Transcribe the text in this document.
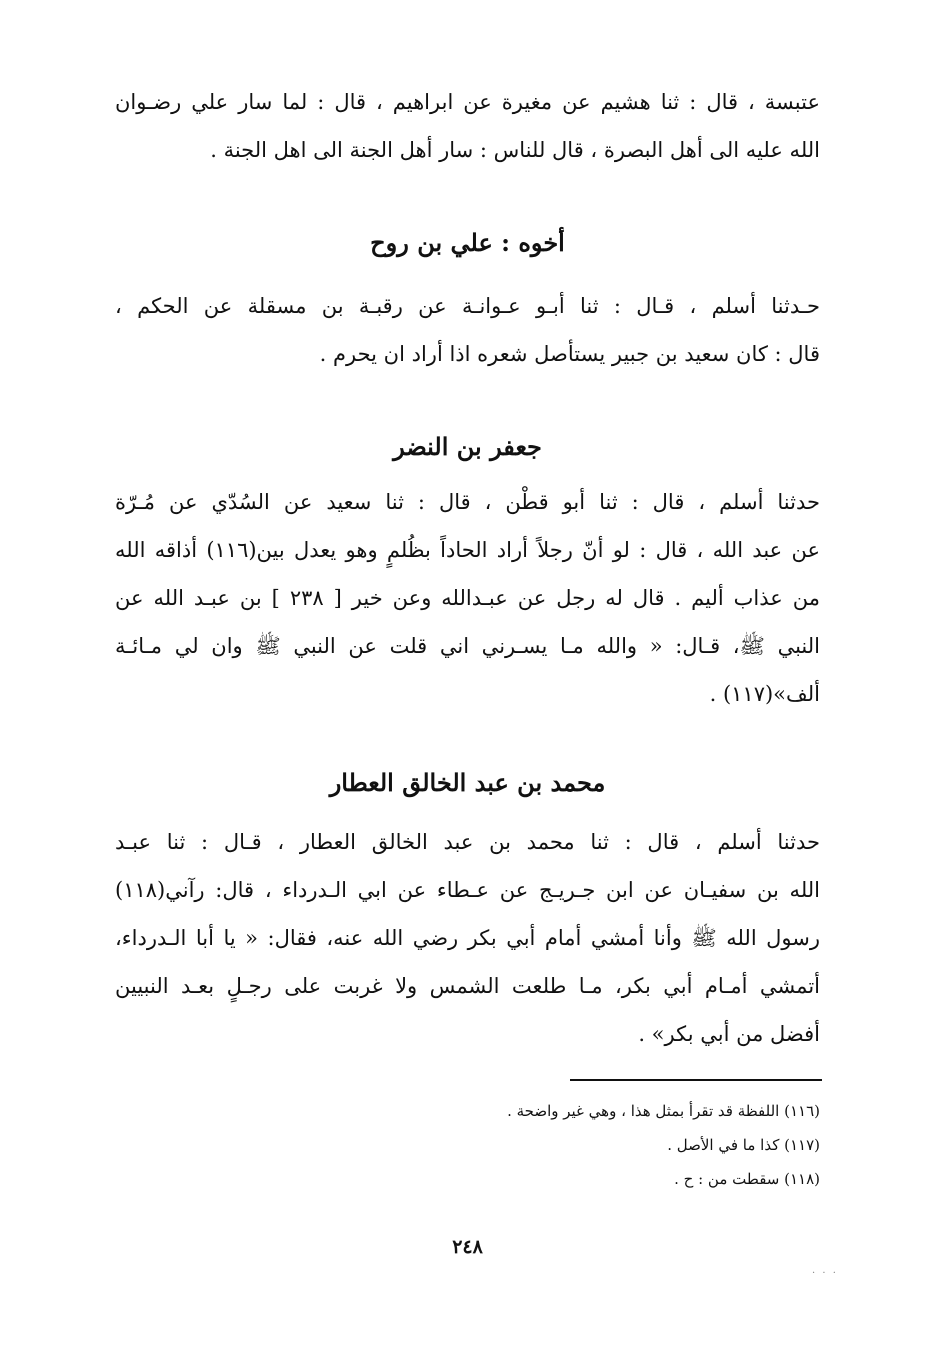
عتبسة ، قال : ثنا هشيم عن مغيرة عن ابراهيم ، قال : لما سار علي رضـوان
الله عليه الى أهل البصرة ، قال للناس : سار أهل الجنة الى اهل الجنة .
أخوه : علي بن روح
حـدثنا أسلم ، قـال : ثنا أبـو عـوانـة عن رقبـة بن مسقلة عن الحكم ،
قال : كان سعيد بن جبير يستأصل شعره اذا أراد ان يحرم .
جعفر بن النضر
حدثنا أسلم ، قال : ثنا أبو قطْن ، قال : ثنا سعيد عن السُدّي عن مُـرّة
عن عبد الله ، قال : لو أنّ رجلاً أراد الحاداً بظُلمٍ وهو يعدل بين(١١٦) أذاقه الله
من عذاب أليم . قال له رجل عن عبـدالله وعن خير [ ٢٣٨ ] بن عبـد الله عن
النبي ﷺ، قـال: « والله مـا يسـرني اني قلت عن النبي ﷺ وان لي مـائـة
ألف»(١١٧) .
محمد بن عبد الخالق العطار
حدثنا أسلم ، قال : ثنا محمد بن عبد الخالق العطار ، قـال : ثنا عبـد
الله بن سفيـان عن ابن جـريـج عن عـطاء عن ابي الـدرداء ، قال: رآني(١١٨)
رسول الله ﷺ وأنا أمشي أمام أبي بكر رضي الله عنه، فقال: « يا أبا الـدرداء،
أتمشي أمـام أبي بكر، مـا طلعت الشمس ولا غربت على رجـلٍ بعـد النبيين
أفضل من أبي بكر» .
(١١٦) اللفظة قد تقرأ بمثل هذا ، وهي غير واضحة .
(١١٧) كذا ما في الأصل .
(١١٨) سقطت من : ح .
٢٤٨
· · ·
